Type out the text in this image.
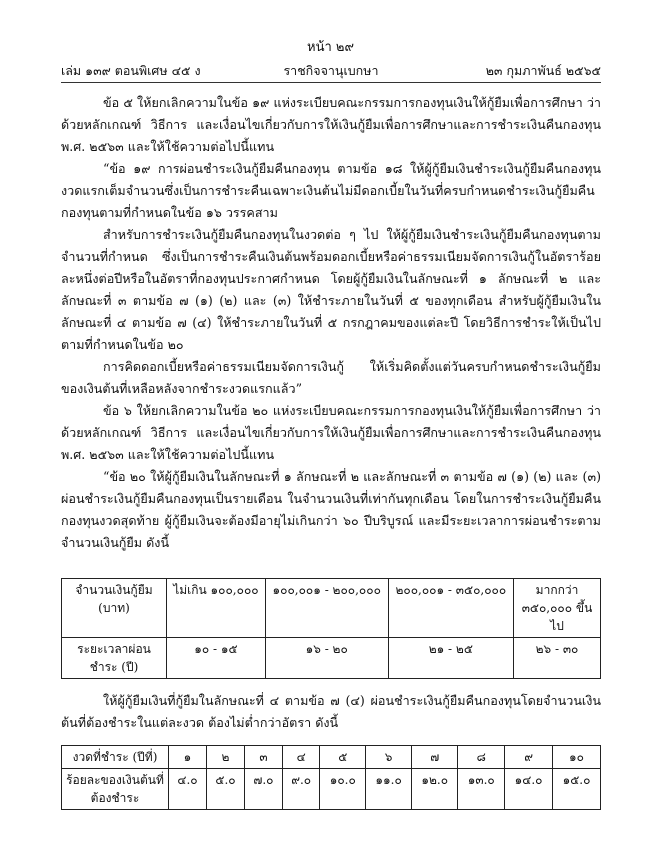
หน้า ๒๙
ราชกิจจานุเบกษา
เล่ม ๑๓๙ ตอนพิเศษ ๔๕ ง	๒๓ กุมภาพันธ์ ๒๕๖๕

ข้อ ๕ ให้ยกเลิกความในข้อ ๑๙ แห่งระเบียบคณะกรรมการกองทุนเงินให้กู้ยืมเพื่อการศึกษา ว่าด้วยหลักเกณฑ์ วิธีการ และเงื่อนไขเกี่ยวกับการให้เงินกู้ยืมเพื่อการศึกษาและการชำระเงินคืนกองทุน พ.ศ. ๒๕๖๓ และให้ใช้ความต่อไปนี้แทน

“ข้อ ๑๙ การผ่อนชำระเงินกู้ยืมคืนกองทุน ตามข้อ ๑๘ ให้ผู้กู้ยืมเงินชำระเงินกู้ยืมคืนกองทุนงวดแรกเต็มจำนวนซึ่งเป็นการชำระคืนเฉพาะเงินต้นไม่มีดอกเบี้ยในวันที่ครบกำหนดชำระเงินกู้ยืมคืนกองทุนตามที่กำหนดในข้อ ๑๖ วรรคสาม

สำหรับการชำระเงินกู้ยืมคืนกองทุนในงวดต่อ ๆ ไป ให้ผู้กู้ยืมเงินชำระเงินกู้ยืมคืนกองทุนตามจำนวนที่กำหนด ซึ่งเป็นการชำระคืนเงินต้นพร้อมดอกเบี้ยหรือค่าธรรมเนียมจัดการเงินกู้ในอัตราร้อยละหนึ่งต่อปีหรือในอัตราที่กองทุนประกาศกำหนด โดยผู้กู้ยืมเงินในลักษณะที่ ๑ ลักษณะที่ ๒ และลักษณะที่ ๓ ตามข้อ ๗ (๑) (๒) และ (๓) ให้ชำระภายในวันที่ ๕ ของทุกเดือน สำหรับผู้กู้ยืมเงินในลักษณะที่ ๔ ตามข้อ ๗ (๔) ให้ชำระภายในวันที่ ๕ กรกฎาคมของแต่ละปี โดยวิธีการชำระให้เป็นไปตามที่กำหนดในข้อ ๒๐

การคิดดอกเบี้ยหรือค่าธรรมเนียมจัดการเงินกู้ ให้เริ่มคิดตั้งแต่วันครบกำหนดชำระเงินกู้ยืมของเงินต้นที่เหลือหลังจากชำระงวดแรกแล้ว”

ข้อ ๖ ให้ยกเลิกความในข้อ ๒๐ แห่งระเบียบคณะกรรมการกองทุนเงินให้กู้ยืมเพื่อการศึกษา ว่าด้วยหลักเกณฑ์ วิธีการ และเงื่อนไขเกี่ยวกับการให้เงินกู้ยืมเพื่อการศึกษาและการชำระเงินคืนกองทุน พ.ศ. ๒๕๖๓ และให้ใช้ความต่อไปนี้แทน

“ข้อ ๒๐ ให้ผู้กู้ยืมเงินในลักษณะที่ ๑ ลักษณะที่ ๒ และลักษณะที่ ๓ ตามข้อ ๗ (๑) (๒) และ (๓) ผ่อนชำระเงินกู้ยืมคืนกองทุนเป็นรายเดือน ในจำนวนเงินที่เท่ากันทุกเดือน โดยในการชำระเงินกู้ยืมคืนกองทุนงวดสุดท้าย ผู้กู้ยืมเงินจะต้องมีอายุไม่เกินกว่า ๖๐ ปีบริบูรณ์ และมีระยะเวลาการผ่อนชำระตามจำนวนเงินกู้ยืม ดังนี้

จำนวนเงินกู้ยืม (บาท)	ไม่เกิน ๑๐๐,๐๐๐	๑๐๐,๐๐๑ - ๒๐๐,๐๐๐	๒๐๐,๐๐๑ - ๓๕๐,๐๐๐	มากกว่า ๓๕๐,๐๐๐ ขึ้นไป
ระยะเวลาผ่อนชำระ (ปี)	๑๐ - ๑๕	๑๖ - ๒๐	๒๑ - ๒๕	๒๖ - ๓๐

ให้ผู้กู้ยืมเงินที่กู้ยืมในลักษณะที่ ๔ ตามข้อ ๗ (๔) ผ่อนชำระเงินกู้ยืมคืนกองทุนโดยจำนวนเงินต้นที่ต้องชำระในแต่ละงวด ต้องไม่ต่ำกว่าอัตรา ดังนี้

งวดที่ชำระ (ปีที่)	๑	๒	๓	๔	๕	๖	๗	๘	๙	๑๐
ร้อยละของเงินต้นที่ต้องชำระ	๔.๐	๕.๐	๗.๐	๙.๐	๑๐.๐	๑๑.๐	๑๒.๐	๑๓.๐	๑๔.๐	๑๕.๐
